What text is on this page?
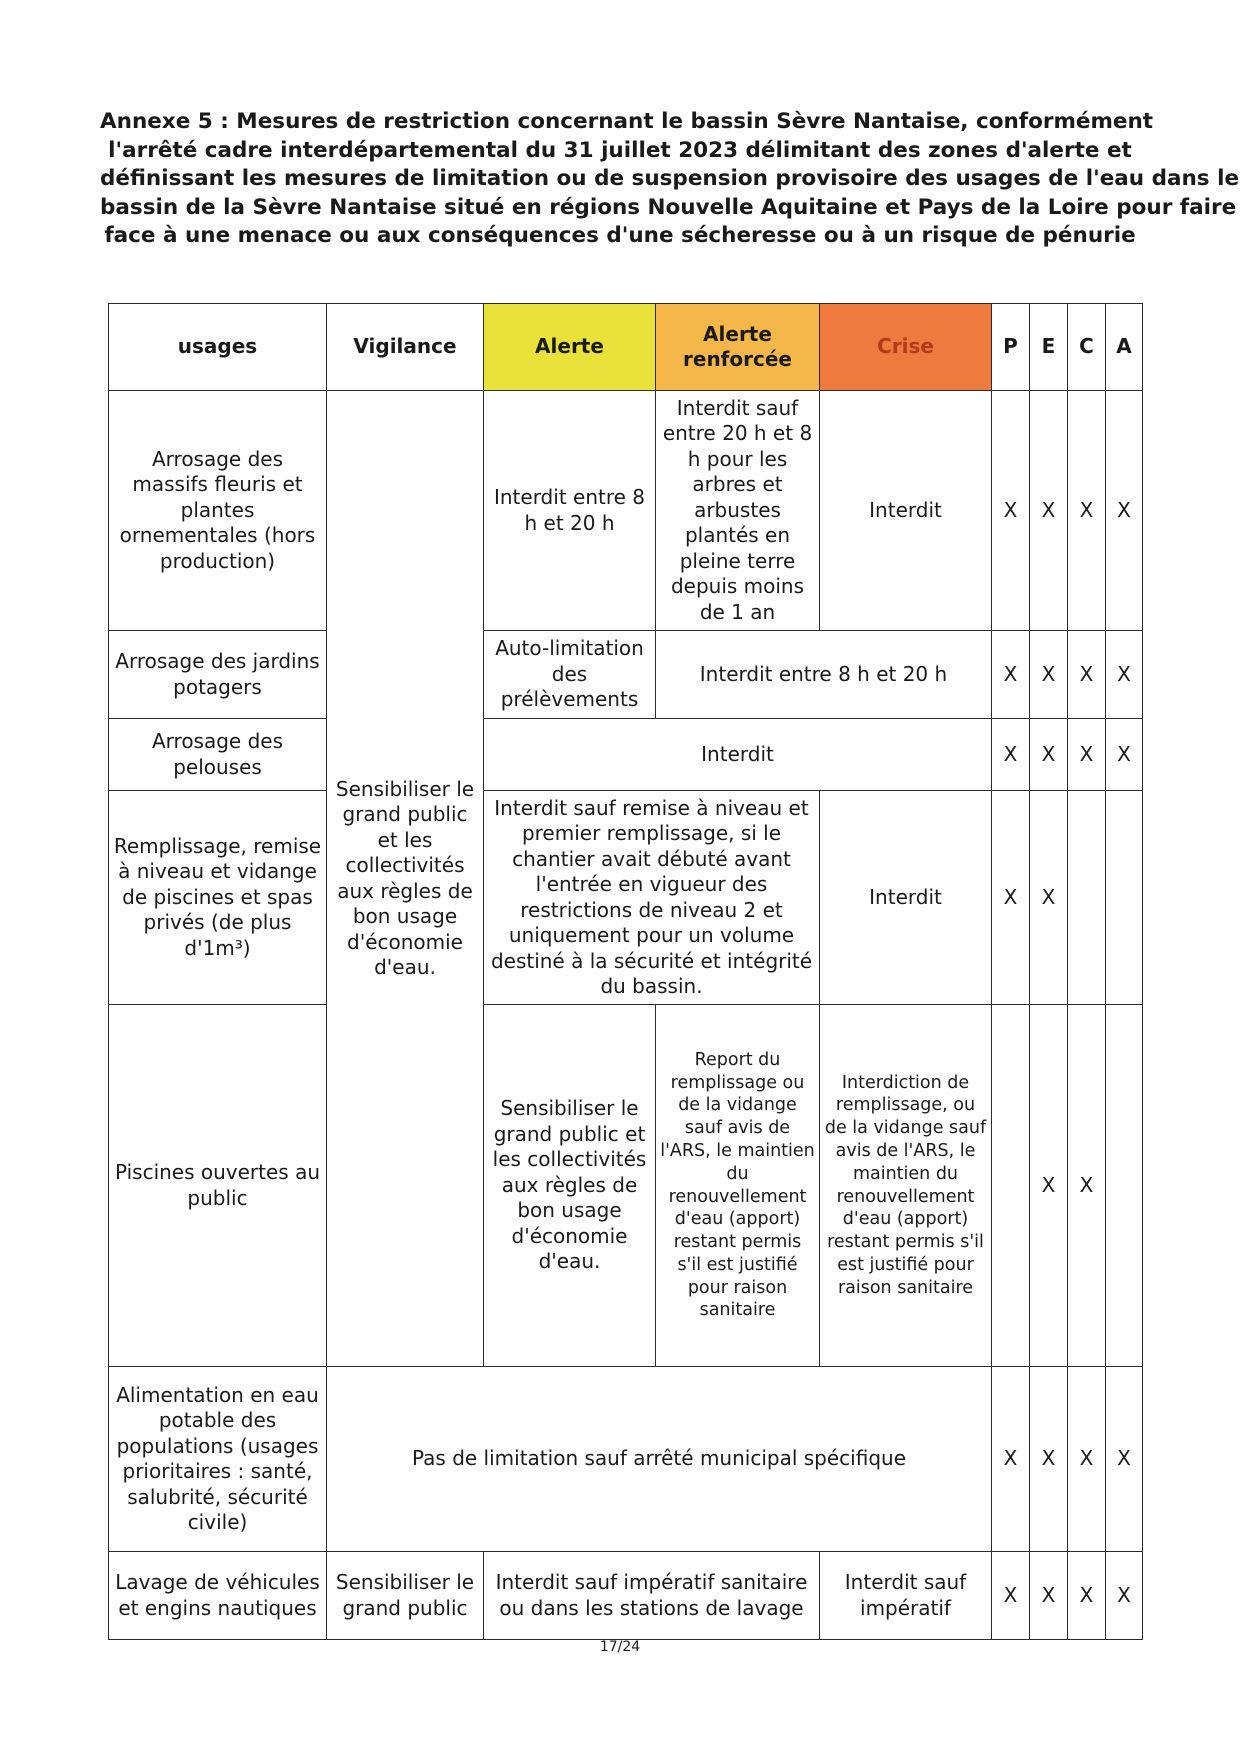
Annexe 5 : Mesures de restriction concernant le bassin Sèvre Nantaise, conformément
l'arrêté cadre interdépartemental du 31 juillet 2023 délimitant des zones d'alerte et
définissant les mesures de limitation ou de suspension provisoire des usages de l'eau dans le
bassin de la Sèvre Nantaise situé en régions Nouvelle Aquitaine et Pays de la Loire pour faire
face à une menace ou aux conséquences d'une sécheresse ou à un risque de pénurie
usages	Vigilance	Alerte	Alerte renforcée	Crise	P	E	C	A
Arrosage des massifs fleuris et plantes ornementales (hors production)	Sensibiliser le grand public et les collectivités aux règles de bon usage d'économie d'eau.	Interdit entre 8 h et 20 h	Interdit sauf entre 20 h et 8 h pour les arbres et arbustes plantés en pleine terre depuis moins de 1 an	Interdit	X	X	X	X
Arrosage des jardins potagers		Auto-limitation des prélèvements	Interdit entre 8 h et 20 h		X	X	X	X
Arrosage des pelouses		Interdit			X	X	X	X
Remplissage, remise à niveau et vidange de piscines et spas privés (de plus d'1m³)		Interdit sauf remise à niveau et premier remplissage, si le chantier avait débuté avant l'entrée en vigueur des restrictions de niveau 2 et uniquement pour un volume destiné à la sécurité et intégrité du bassin.		Interdit	X	X		
Piscines ouvertes au public		Sensibiliser le grand public et les collectivités aux règles de bon usage d'économie d'eau.	Report du remplissage ou de la vidange sauf avis de l'ARS, le maintien du renouvellement d'eau (apport) restant permis s'il est justifié pour raison sanitaire	Interdiction de remplissage, ou de la vidange sauf avis de l'ARS, le maintien du renouvellement d'eau (apport) restant permis s'il est justifié pour raison sanitaire		X	X	
Alimentation en eau potable des populations (usages prioritaires : santé, salubrité, sécurité civile)	Pas de limitation sauf arrêté municipal spécifique				X	X	X	X
Lavage de véhicules et engins nautiques	Sensibiliser le grand public	Interdit sauf impératif sanitaire ou dans les stations de lavage		Interdit sauf impératif	X	X	X	X
17/24
